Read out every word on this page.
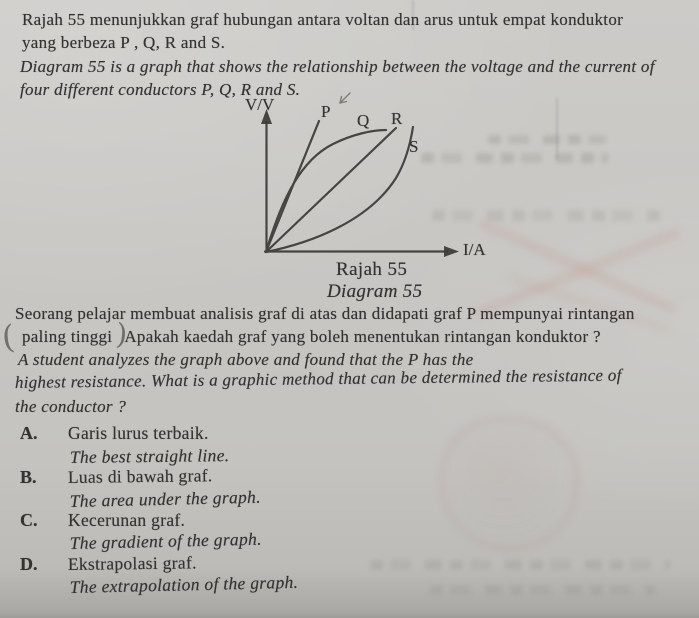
Rajah 55 menunjukkan graf hubungan antara voltan dan arus untuk empat konduktor
yang berbeza P , Q, R and S.
Diagram 55 is a graph that shows the relationship between the voltage and the current of
four different conductors P, Q, R and S.
V/V
I/A
P Q R
S
Rajah 55
Diagram 55
Seorang pelajar membuat analisis graf di atas dan didapati graf P mempunyai rintangan
paling tinggi Apakah kaedah graf yang boleh menentukan rintangan konduktor ?
(	)
A student analyzes the graph above and found that the P has the
highest resistance. What is a graphic method that can be determined the resistance of
the conductor ?
A. Garis lurus terbaik.
The best straight line.
B. Luas di bawah graf.
The area under the graph.
C. Kecerunan graf.
The gradient of the graph.
D. Ekstrapolasi graf.
The extrapolation of the graph.
